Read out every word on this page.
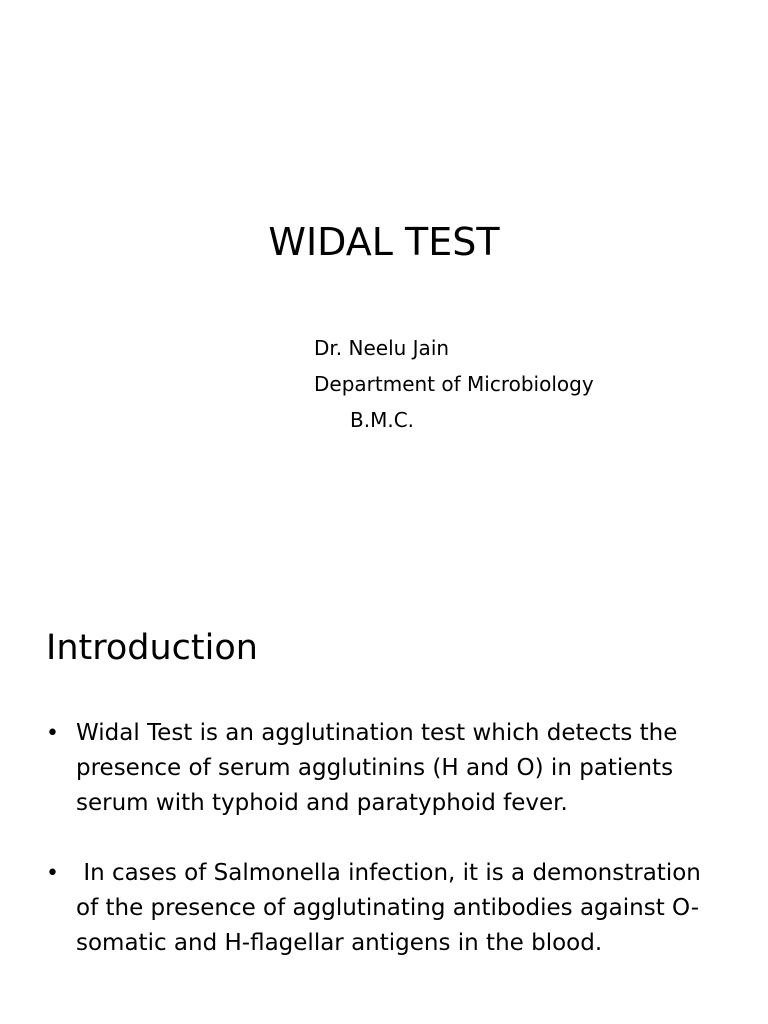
WIDAL TEST
Dr. Neelu Jain
Department of Microbiology
B.M.C.
Introduction
• Widal Test is an agglutination test which detects the presence of serum agglutinins (H and O) in patients serum with typhoid and paratyphoid fever.
• In cases of Salmonella infection, it is a demonstration of the presence of agglutinating antibodies against O- somatic and H-flagellar antigens in the blood.
